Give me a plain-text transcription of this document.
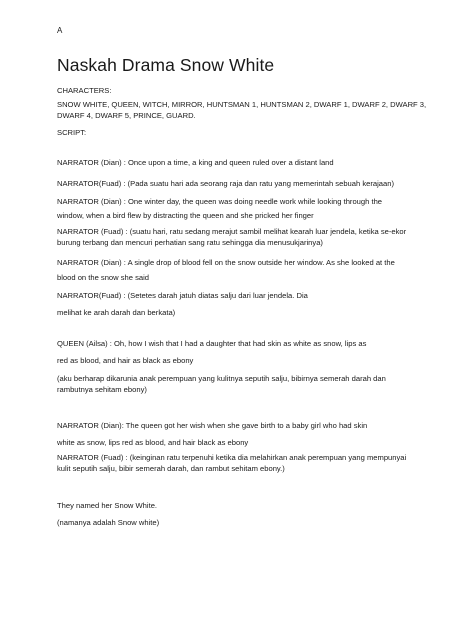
A
Naskah Drama Snow White
CHARACTERS:
SNOW WHITE, QUEEN, WITCH, MIRROR, HUNTSMAN 1, HUNTSMAN 2, DWARF 1, DWARF 2, DWARF 3, DWARF 4, DWARF 5, PRINCE, GUARD.
SCRIPT:
NARRATOR (Dian) : Once upon a time, a king and queen ruled over a distant land
NARRATOR(Fuad) : (Pada suatu hari ada seorang raja dan ratu yang memerintah sebuah kerajaan)
NARRATOR (Dian) : One winter day, the queen was doing needle work while looking through the
window, when a bird flew by distracting the queen and she pricked her finger
NARRATOR (Fuad) : (suatu hari, ratu sedang merajut sambil melihat kearah luar jendela, ketika se-ekor burung terbang dan mencuri perhatian sang ratu sehingga dia menusukjarinya)
NARRATOR (Dian) : A single drop of blood fell on the snow outside her window. As she looked at the
blood on the snow she said
NARRATOR(Fuad) : (Setetes darah jatuh diatas salju dari luar jendela. Dia
melihat ke arah darah dan berkata)
QUEEN (Ailsa) : Oh, how I wish that I had a daughter that had skin as white as snow, lips as
red as blood, and hair as black as ebony
(aku berharap dikarunia anak perempuan yang kulitnya seputih salju, bibirnya semerah darah dan rambutnya sehitam ebony)
NARRATOR (Dian): The queen got her wish when she gave birth to a baby girl who had skin
white as snow, lips red as blood, and hair black as ebony
NARRATOR (Fuad) : (keinginan ratu terpenuhi ketika dia melahirkan anak perempuan yang mempunyai kulit seputih salju, bibir semerah darah, dan rambut sehitam ebony.)
They named her Snow White.
(namanya adalah Snow white)
